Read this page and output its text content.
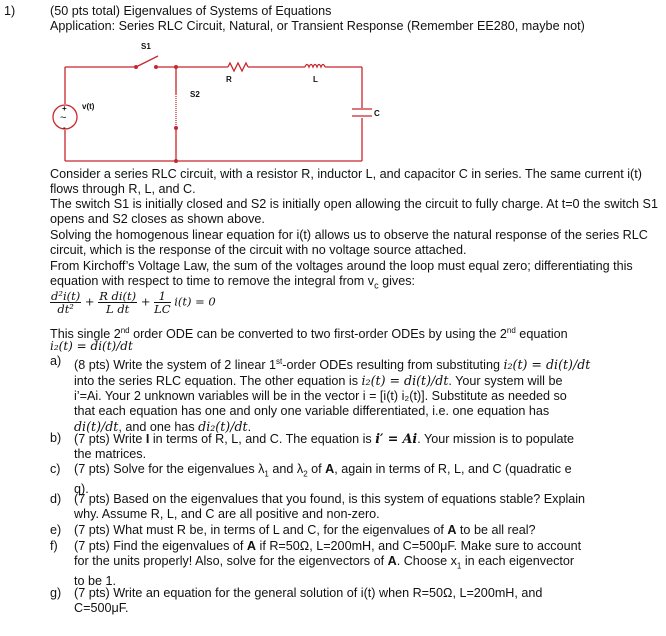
1)	(50 pts total) Eigenvalues of Systems of Equations
Application: Series RLC Circuit, Natural, or Transient Response (Remember EE280, maybe not)
S1
S2
R	L
C
v(t)
+
-
~
Consider a series RLC circuit, with a resistor R, inductor L, and capacitor C in series. The same current i(t) flows through R, L, and C.
The switch S1 is initially closed and S2 is initially open allowing the circuit to fully charge. At t=0 the switch S1 opens and S2 closes as shown above.
Solving the homogenous linear equation for i(t) allows us to observe the natural response of the series RLC circuit, which is the response of the circuit with no voltage source attached.
From Kirchoff’s Voltage Law, the sum of the voltages around the loop must equal zero; differentiating this equation with respect to time to remove the integral from $v_c$ gives:
$\frac{\text{d²i(t)}}{\text{dt²}} + \frac{\text{R di(t)}}{\text{L dt}} + \frac{1}{LC} i(t) = 0$
This single 2nd order ODE can be converted to two first-order ODEs by using the 2nd equation
i₂(t) = di(t)/dt
a)	(8 pts) Write the system of 2 linear 1st-order ODEs resulting from substituting i₂(t) = di(t)/dt
into the series RLC equation. The other equation is i₂(t) = di(t)/dt. Your system will be
i’=Ai. Your 2 unknown variables will be in the vector i = [i(t) i₂(t)]. Substitute as needed so
that each equation has one and only one variable differentiated, i.e. one equation has
di(t)/dt, and one has di₂(t)/dt.
b)	(7 pts) Write I in terms of R, L, and C. The equation is i′ = Ai. Your mission is to populate
the matrices.
c)	(7 pts) Solve for the eigenvalues $\lambda_1$ and $\lambda_2$ of A, again in terms of R, L, and C (quadratic e
q).
d)	(7 pts) Based on the eigenvalues that you found, is this system of equations stable? Explain
why. Assume R, L, and C are all positive and non-zero.
e)	(7 pts) What must R be, in terms of L and C, for the eigenvalues of A to be all real?
f)	(7 pts) Find the eigenvalues of A if R=50Ω, L=200mH, and C=500μF. Make sure to account
for the units properly! Also, solve for the eigenvectors of A. Choose $x_1$ in each eigenvector
to be 1.
g)	(7 pts) Write an equation for the general solution of i(t) when R=50Ω, L=200mH, and
C=500μF.
